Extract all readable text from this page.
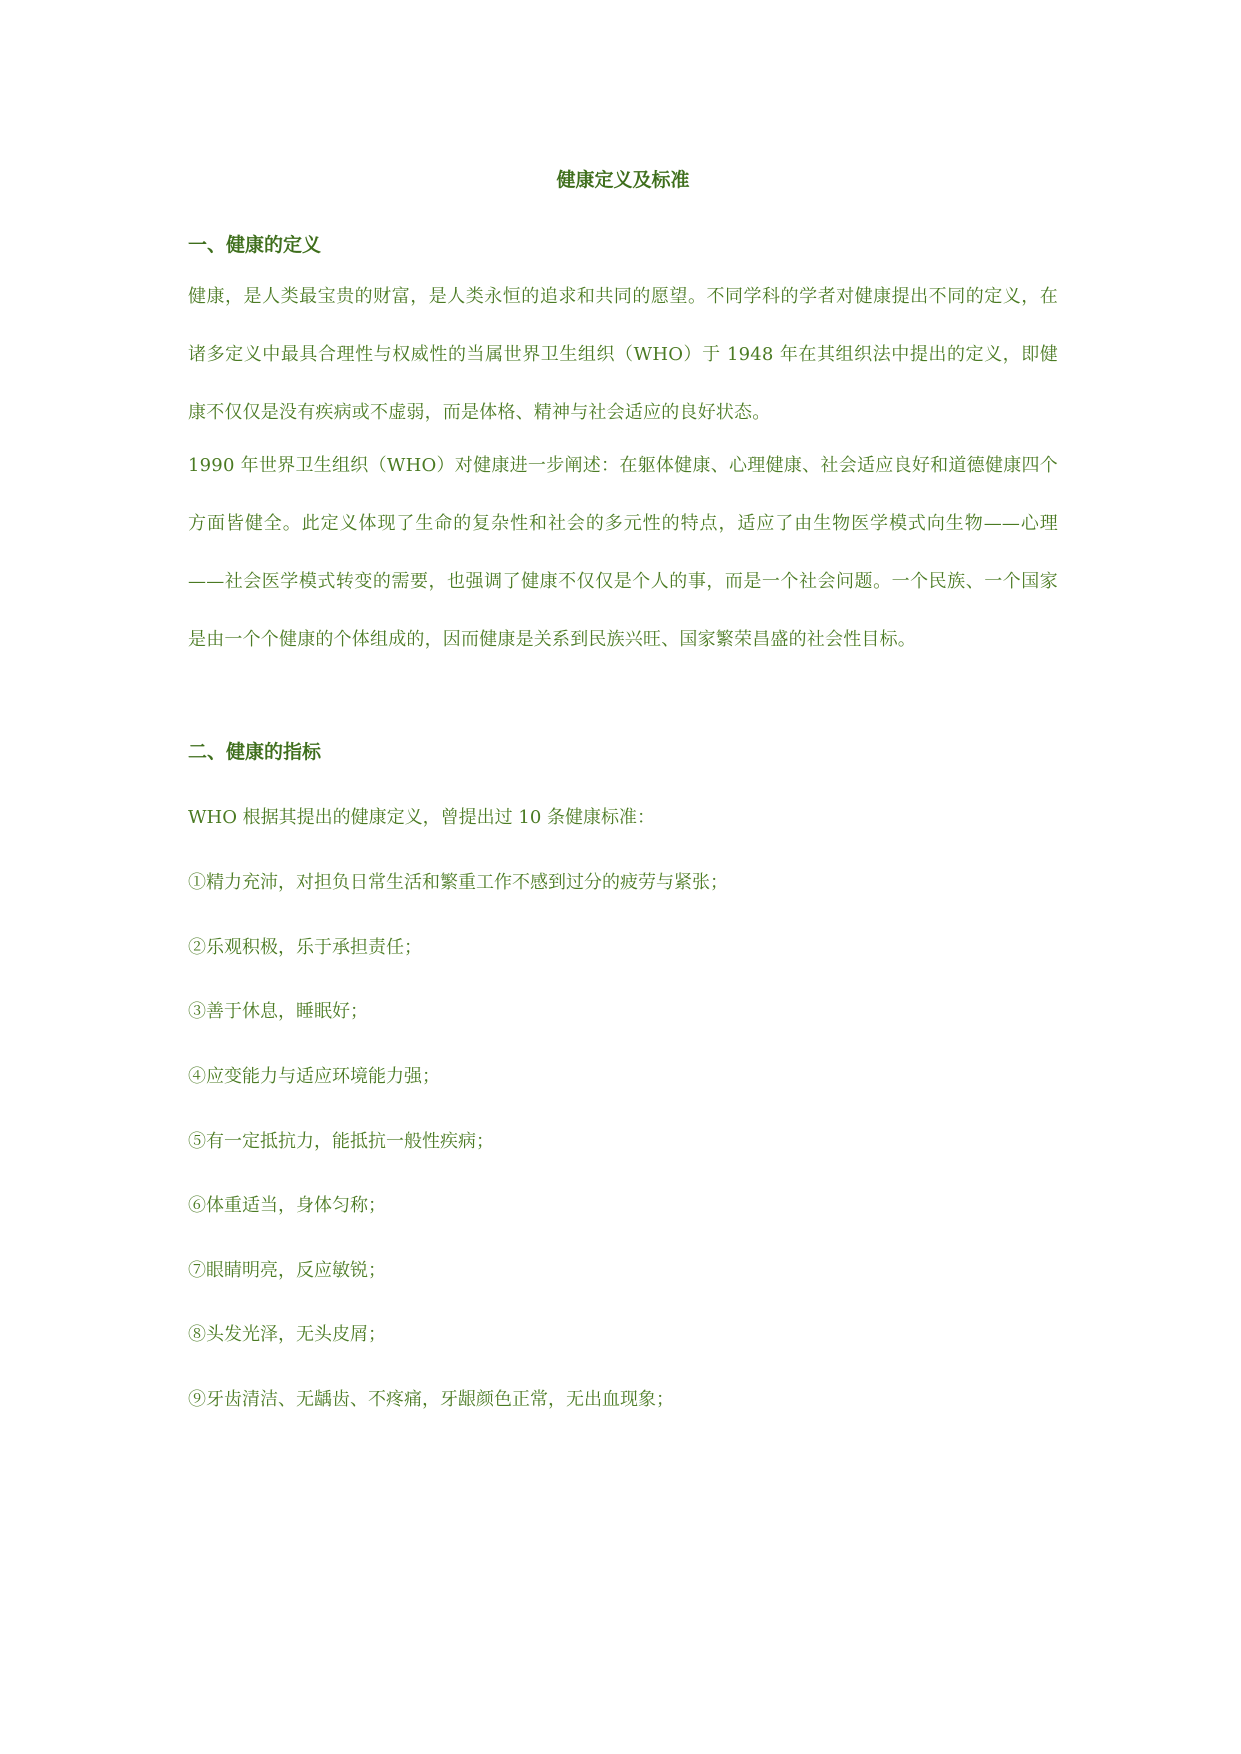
健康定义及标准
一、健康的定义

健康，是人类最宝贵的财富，是人类永恒的追求和共同的愿望。不同学科的学者对健康提出不同的定义，在诸多定义中最具合理性与权威性的当属世界卫生组织（WHO）于 1948 年在其组织法中提出的定义，即健康不仅仅是没有疾病或不虚弱，而是体格、精神与社会适应的良好状态。

1990 年世界卫生组织（WHO）对健康进一步阐述：在躯体健康、心理健康、社会适应良好和道德健康四个方面皆健全。此定义体现了生命的复杂性和社会的多元性的特点，适应了由生物医学模式向生物——心理——社会医学模式转变的需要，也强调了健康不仅仅是个人的事，而是一个社会问题。一个民族、一个国家是由一个个健康的个体组成的，因而健康是关系到民族兴旺、国家繁荣昌盛的社会性目标。

二、健康的指标

WHO 根据其提出的健康定义，曾提出过 10 条健康标准：

①精力充沛，对担负日常生活和繁重工作不感到过分的疲劳与紧张；

②乐观积极，乐于承担责任；

③善于休息，睡眠好；

④应变能力与适应环境能力强；

⑤有一定抵抗力，能抵抗一般性疾病；

⑥体重适当，身体匀称；

⑦眼睛明亮，反应敏锐；

⑧头发光泽，无头皮屑；

⑨牙齿清洁、无龋齿、不疼痛，牙龈颜色正常，无出血现象；
